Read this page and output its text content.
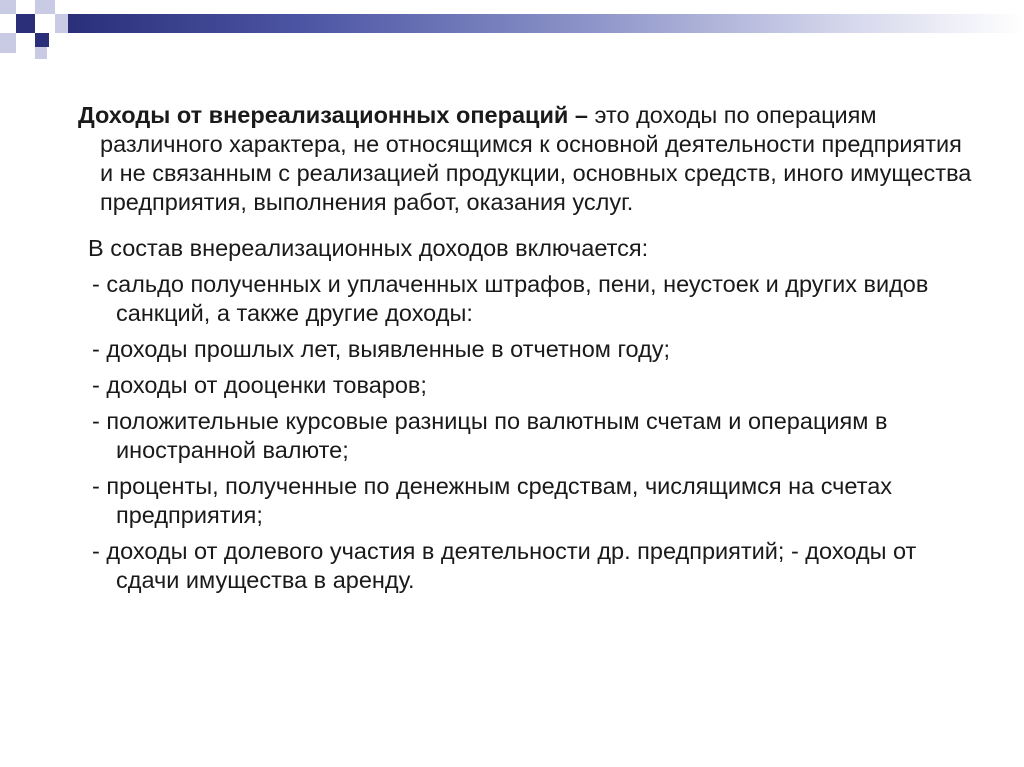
Доходы от внереализационных операций – это доходы по операциям различного характера, не относящимся к основной деятельности предприятия и не связанным с реализацией продукции, основных средств, иного имущества предприятия, выполнения работ, оказания услуг.

В состав внереализационных доходов включается:

- сальдо полученных и уплаченных штрафов, пени, неустоек и других видов санкций, а также другие доходы:

- доходы прошлых лет, выявленные в отчетном году;

- доходы от дооценки товаров;

- положительные курсовые разницы по валютным счетам и операциям в иностранной валюте;

- проценты, полученные по денежным средствам, числящимся на счетах предприятия;

- доходы от долевого участия в деятельности др. предприятий; - доходы от сдачи имущества в аренду.
